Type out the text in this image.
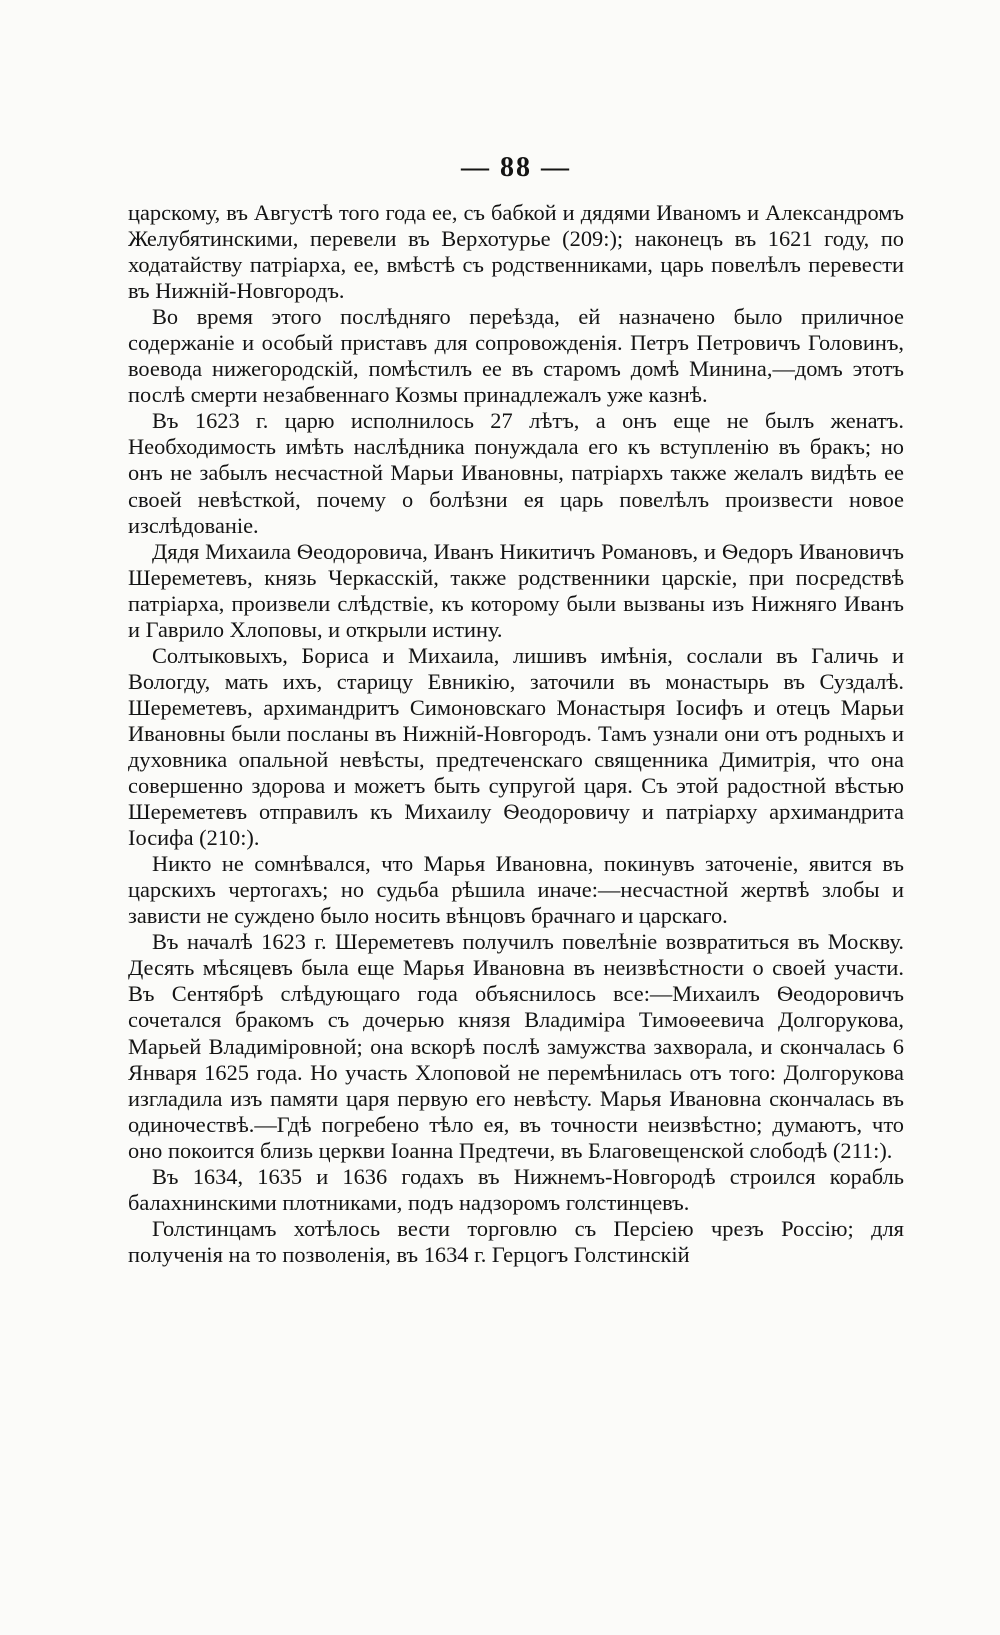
— 88 —

царскому, въ Августѣ того года ее, съ бабкой и дядями Иваномъ и Александромъ Желубятинскими, перевели въ Верхотурье (209:); наконецъ въ 1621 году, по ходатайству патріарха, ее, вмѣстѣ съ родственниками, царь повелѣлъ перевести въ Нижній-Новгородъ.

Во время этого послѣдняго переѣзда, ей назначено было приличное содержаніе и особый приставъ для сопровожденія. Петръ Петровичъ Головинъ, воевода нижегородскій, помѣстилъ ее въ старомъ домѣ Минина,—домъ этотъ послѣ смерти незабвеннаго Козмы принадлежалъ уже казнѣ.

Въ 1623 г. царю исполнилось 27 лѣтъ, а онъ еще не былъ женатъ. Необходимость имѣть наслѣдника понуждала его къ вступленію въ бракъ; но онъ не забылъ несчастной Марьи Ивановны, патріархъ также желалъ видѣть ее своей невѣсткой, почему о болѣзни ея царь повелѣлъ произвести новое изслѣдованіе.

Дядя Михаила Ѳеодоровича, Иванъ Никитичъ Романовъ, и Ѳедоръ Ивановичъ Шереметевъ, князь Черкасскій, также родственники царскіе, при посредствѣ патріарха, произвели слѣдствіе, къ которому были вызваны изъ Нижняго Иванъ и Гаврило Хлоповы, и открыли истину.

Солтыковыхъ, Бориса и Михаила, лишивъ имѣнія, сослали въ Галичь и Вологду, мать ихъ, старицу Евникію, заточили въ монастырь въ Суздалѣ. Шереметевъ, архимандритъ Симоновскаго Монастыря Іосифъ и отецъ Марьи Ивановны были посланы въ Нижній-Новгородъ. Тамъ узнали они отъ родныхъ и духовника опальной невѣсты, предтеченскаго священника Димитрія, что она совершенно здорова и можетъ быть супругой царя. Съ этой радостной вѣстью Шереметевъ отправилъ къ Михаилу Ѳеодоровичу и патріарху архимандрита Іосифа (210:).

Никто не сомнѣвался, что Марья Ивановна, покинувъ заточеніе, явится въ царскихъ чертогахъ; но судьба рѣшила иначе:—несчастной жертвѣ злобы и зависти не суждено было носить вѣнцовъ брачнаго и царскаго.

Въ началѣ 1623 г. Шереметевъ получилъ повелѣніе возвратиться въ Москву. Десять мѣсяцевъ была еще Марья Ивановна въ неизвѣстности о своей участи. Въ Сентябрѣ слѣдующаго года объяснилось все:—Михаилъ Ѳеодоровичъ сочетался бракомъ съ дочерью князя Владиміра Тимоѳеевича Долгорукова, Марьей Владиміровной; она вскорѣ послѣ замужства захворала, и скончалась 6 Января 1625 года. Но участь Хлоповой не перемѣнилась отъ того: Долгорукова изгладила изъ памяти царя первую его невѣсту. Марья Ивановна скончалась въ одиночествѣ.—Гдѣ погребено тѣло ея, въ точности неизвѣстно; думаютъ, что оно покоится близь церкви Іоанна Предтечи, въ Благовещенской слободѣ (211:).

Въ 1634, 1635 и 1636 годахъ въ Нижнемъ-Новгородѣ строился корабль балахнинскими плотниками, подъ надзоромъ голстинцевъ.

Голстинцамъ хотѣлось вести торговлю съ Персіею чрезъ Россію; для полученія на то позволенія, въ 1634 г. Герцогъ Голстинскій
